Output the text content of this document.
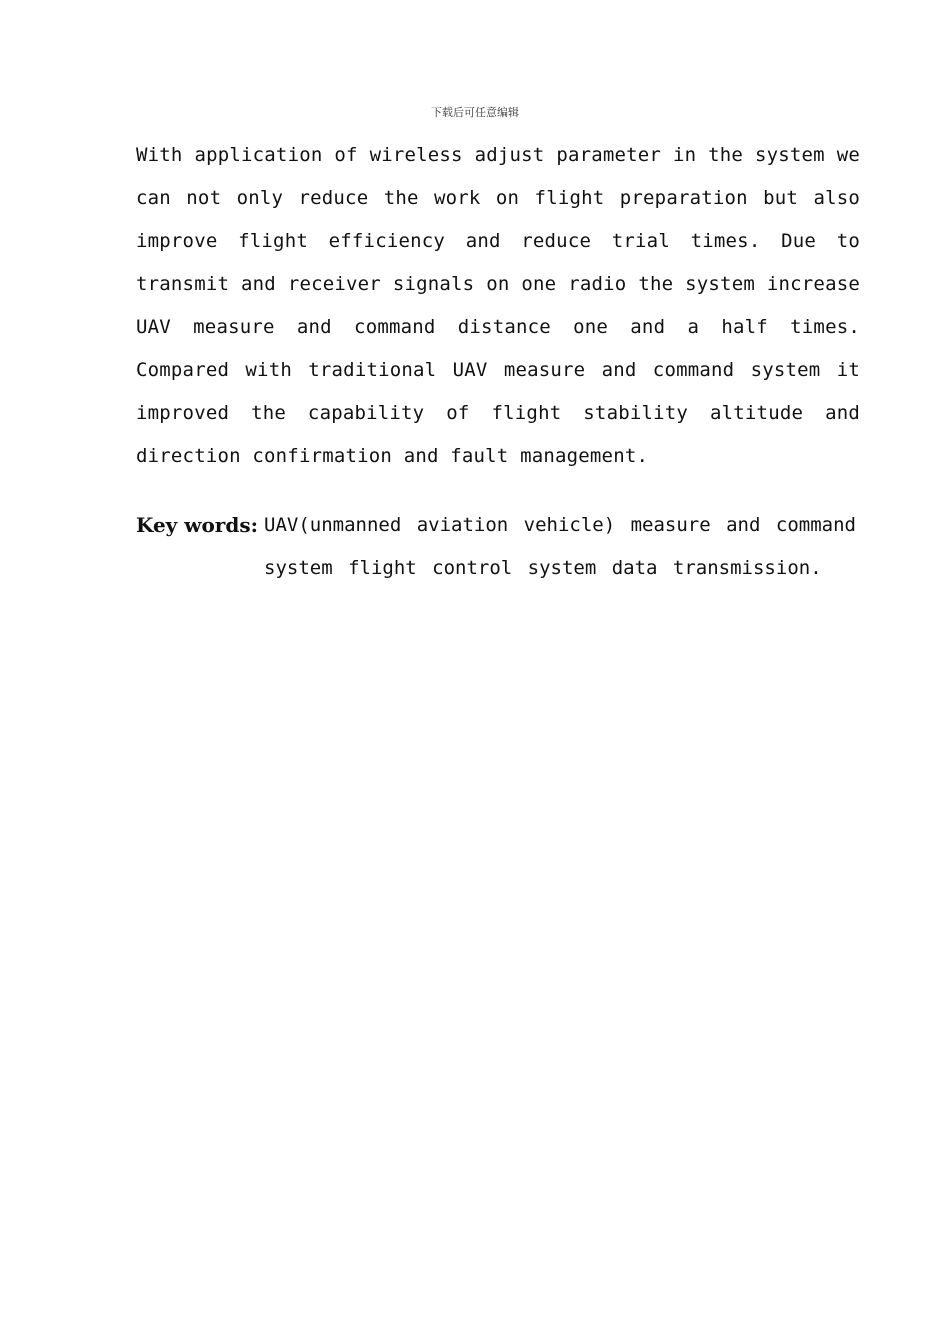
下载后可任意编辑

With application of wireless adjust parameter in the system we can not only reduce the work on flight preparation but also improve flight efficiency and reduce trial times. Due to transmit and receiver signals on one radio the system increase UAV measure and command distance one and a half times. Compared with traditional UAV measure and command system it improved the capability of flight stability altitude and direction confirmation and fault management.

Key words: UAV(unmanned aviation vehicle) measure and command system flight control system data transmission.
